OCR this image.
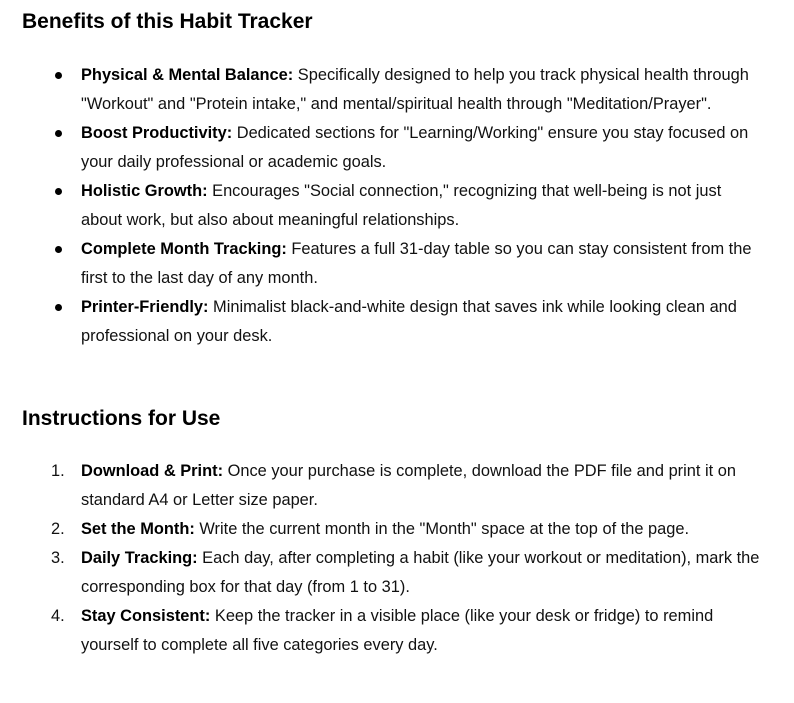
Benefits of this Habit Tracker
Physical & Mental Balance: Specifically designed to help you track physical health through "Workout" and "Protein intake," and mental/spiritual health through "Meditation/Prayer".
Boost Productivity: Dedicated sections for "Learning/Working" ensure you stay focused on your daily professional or academic goals.
Holistic Growth: Encourages "Social connection," recognizing that well-being is not just about work, but also about meaningful relationships.
Complete Month Tracking: Features a full 31-day table so you can stay consistent from the first to the last day of any month.
Printer-Friendly: Minimalist black-and-white design that saves ink while looking clean and professional on your desk.
Instructions for Use
1. Download & Print: Once your purchase is complete, download the PDF file and print it on standard A4 or Letter size paper.
2. Set the Month: Write the current month in the "Month" space at the top of the page.
3. Daily Tracking: Each day, after completing a habit (like your workout or meditation), mark the corresponding box for that day (from 1 to 31).
4. Stay Consistent: Keep the tracker in a visible place (like your desk or fridge) to remind yourself to complete all five categories every day.
